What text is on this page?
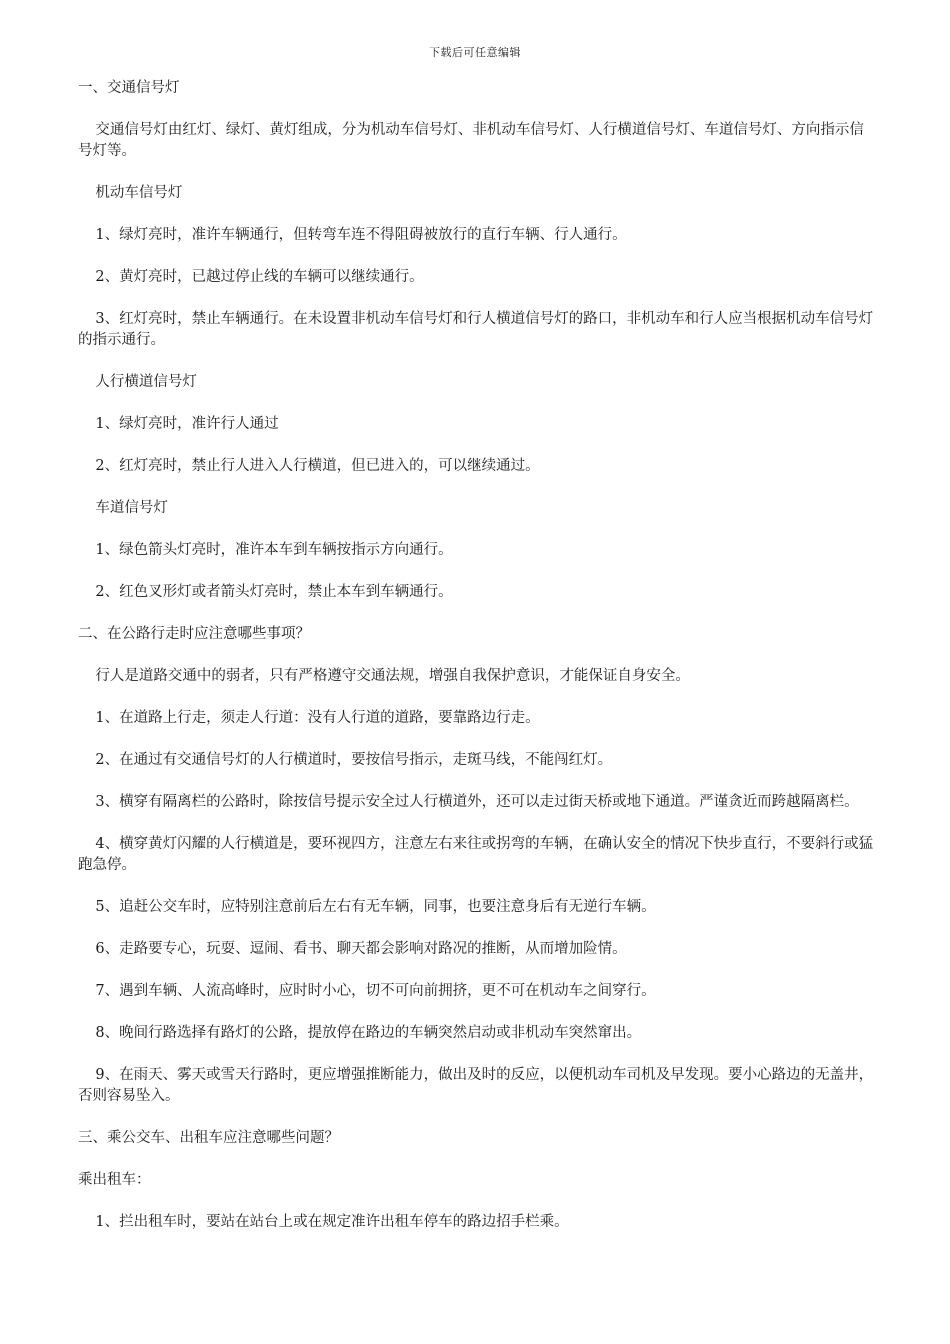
下载后可任意编辑

一、交通信号灯

交通信号灯由红灯、绿灯、黄灯组成，分为机动车信号灯、非机动车信号灯、人行横道信号灯、车道信号灯、方向指示信号灯等。

机动车信号灯

1、绿灯亮时，准许车辆通行，但转弯车连不得阻碍被放行的直行车辆、行人通行。

2、黄灯亮时，已越过停止线的车辆可以继续通行。

3、红灯亮时，禁止车辆通行。在未设置非机动车信号灯和行人横道信号灯的路口，非机动车和行人应当根据机动车信号灯的指示通行。

人行横道信号灯

1、绿灯亮时，准许行人通过

2、红灯亮时，禁止行人进入人行横道，但已进入的，可以继续通过。

车道信号灯

1、绿色箭头灯亮时，准许本车到车辆按指示方向通行。

2、红色叉形灯或者箭头灯亮时，禁止本车到车辆通行。

二、在公路行走时应注意哪些事项？

行人是道路交通中的弱者，只有严格遵守交通法规，增强自我保护意识，才能保证自身安全。

1、在道路上行走，须走人行道：没有人行道的道路，要靠路边行走。

2、在通过有交通信号灯的人行横道时，要按信号指示，走斑马线，不能闯红灯。

3、横穿有隔离栏的公路时，除按信号提示安全过人行横道外，还可以走过街天桥或地下通道。严谨贪近而跨越隔离栏。

4、横穿黄灯闪耀的人行横道是，要环视四方，注意左右来往或拐弯的车辆，在确认安全的情况下快步直行，不要斜行或猛跑急停。

5、追赶公交车时，应特别注意前后左右有无车辆，同事，也要注意身后有无逆行车辆。

6、走路要专心，玩耍、逗闹、看书、聊天都会影响对路况的推断，从而增加险情。

7、遇到车辆、人流高峰时，应时时小心，切不可向前拥挤，更不可在机动车之间穿行。

8、晚间行路选择有路灯的公路，提放停在路边的车辆突然启动或非机动车突然窜出。

9、在雨天、雾天或雪天行路时，更应增强推断能力，做出及时的反应，以便机动车司机及早发现。要小心路边的无盖井，否则容易坠入。

三、乘公交车、出租车应注意哪些问题？

乘出租车：

1、拦出租车时，要站在站台上或在规定准许出租车停车的路边招手栏乘。
